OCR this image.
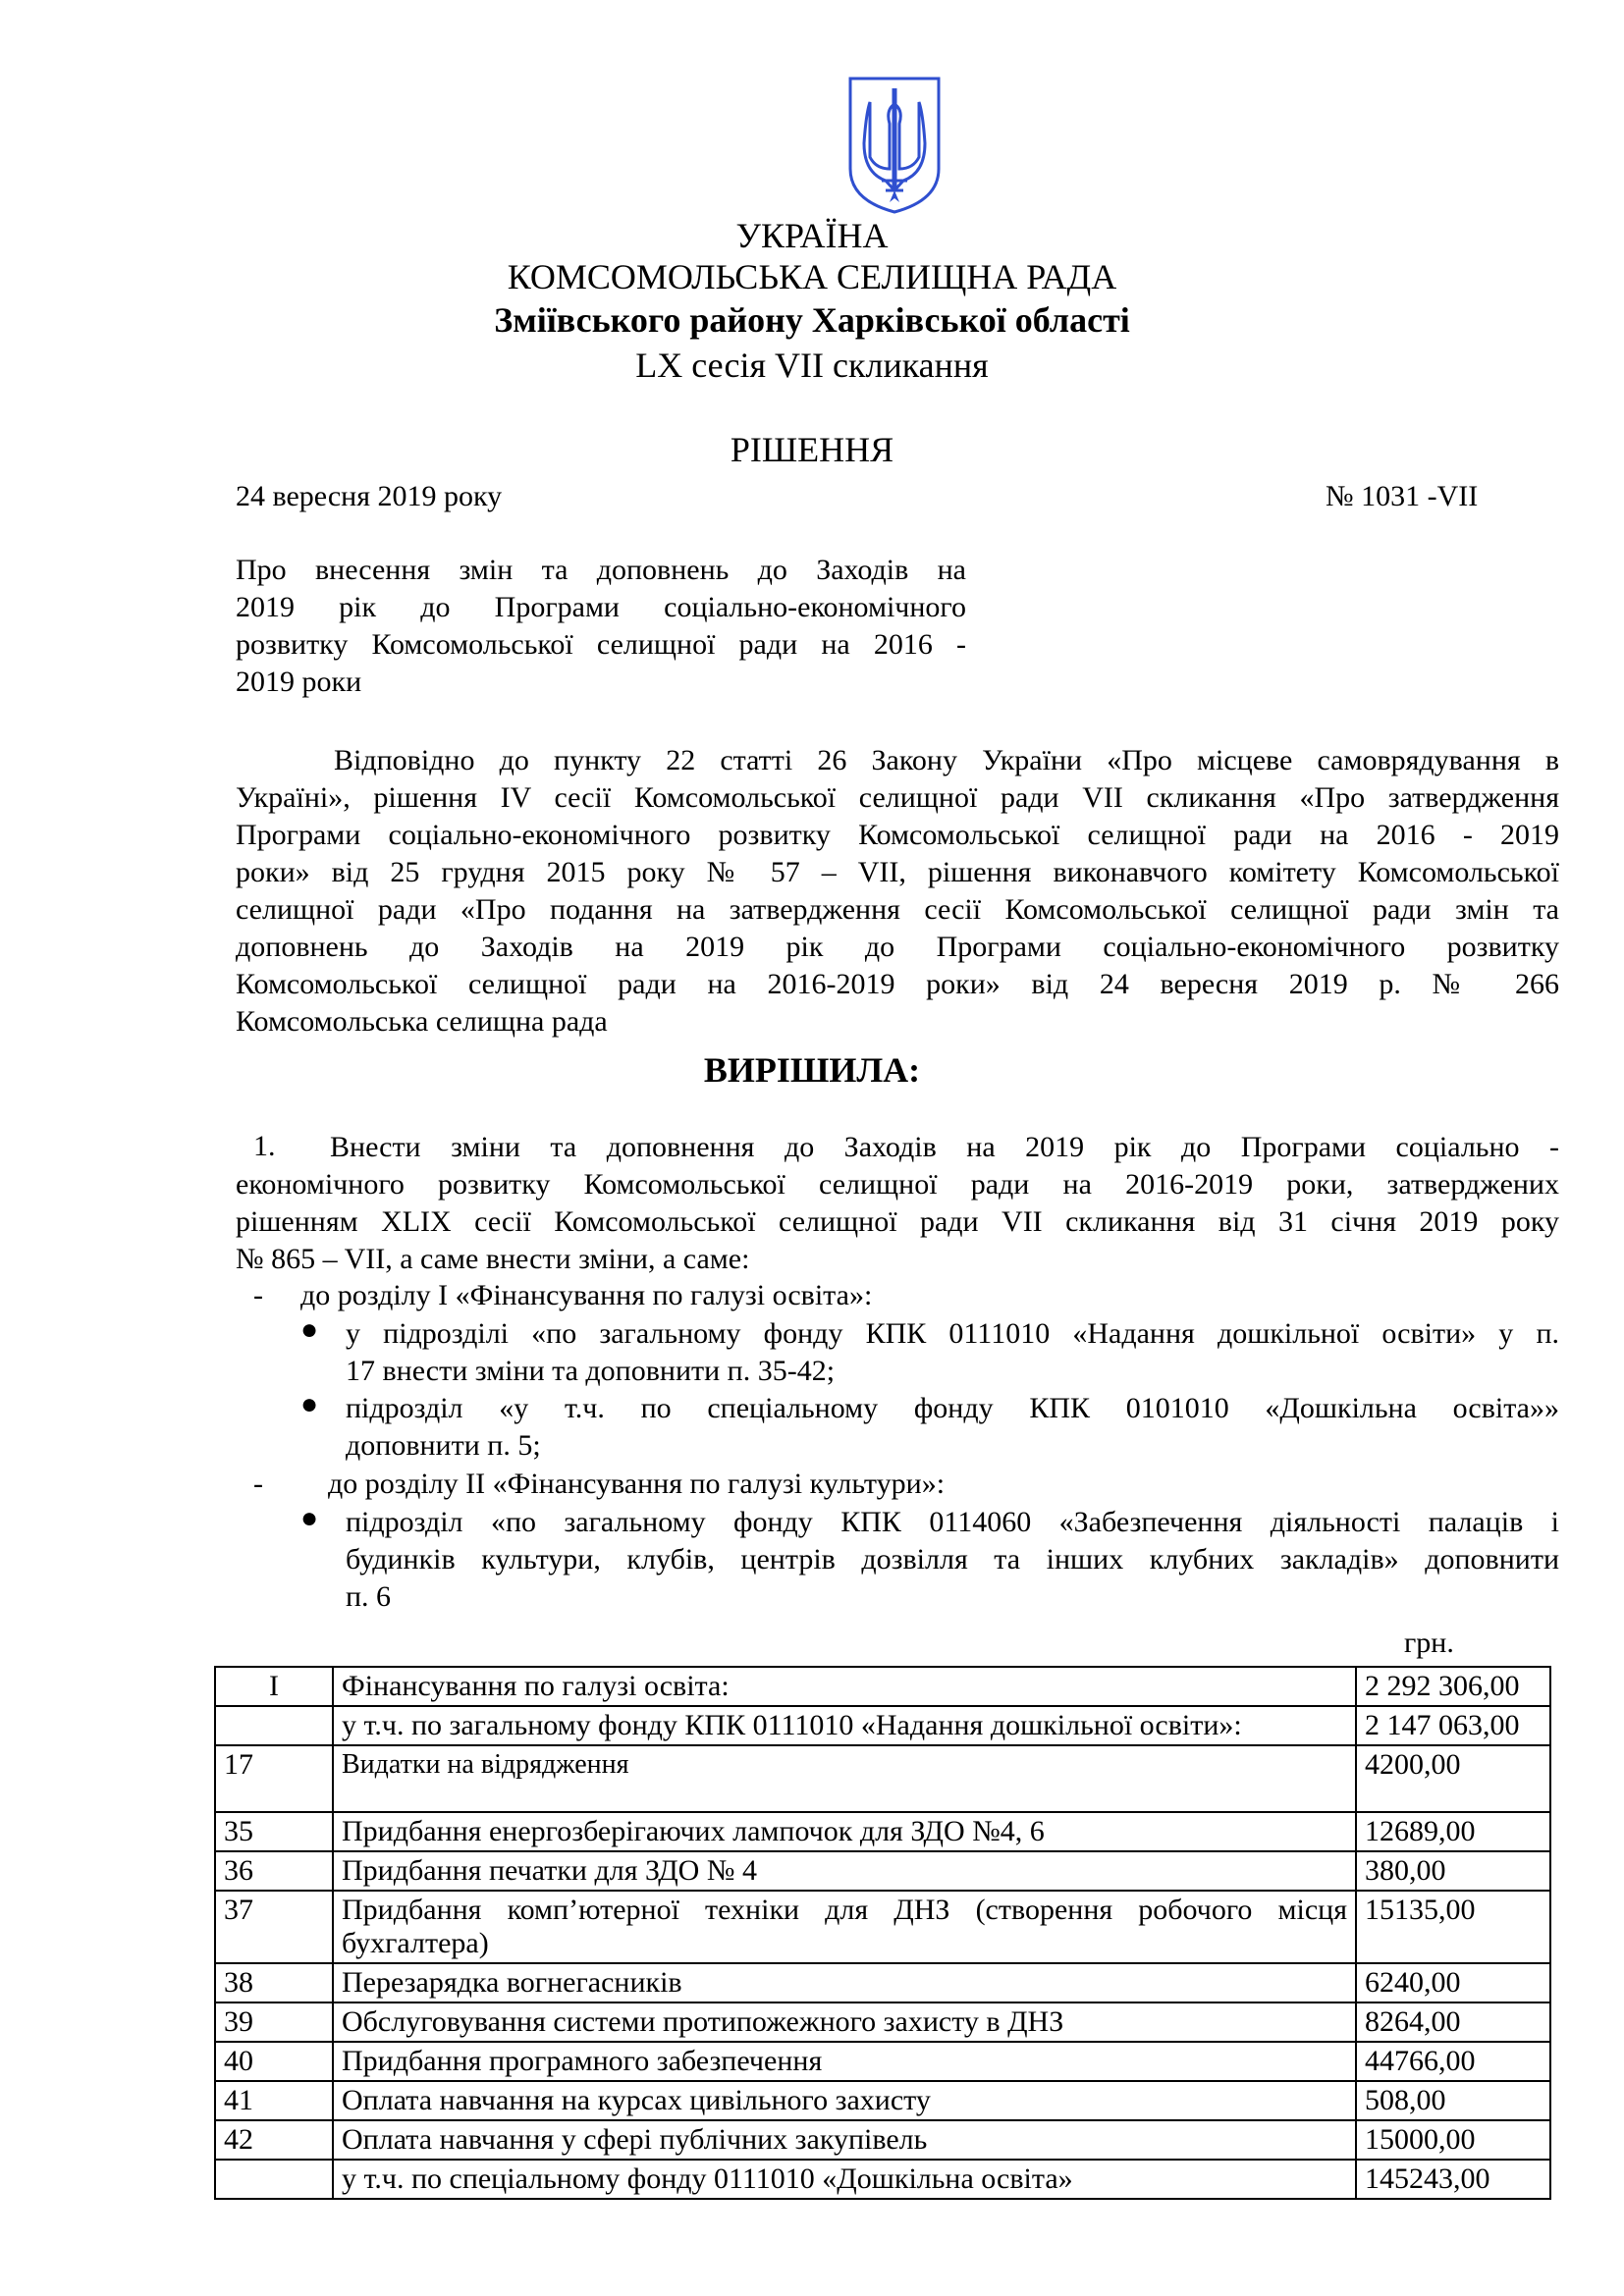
УКРАЇНА
КОМСОМОЛЬСЬКА СЕЛИЩНА РАДА
Зміївського району Харківської області
LX сесія VII скликання
РІШЕННЯ
24 вересня 2019 року	№ 1031 -VII
Про внесення змін та доповнень до Заходів на
2019 рік до Програми соціально-економічного
розвитку Комсомольської селищної ради на 2016 -
2019 роки
Відповідно до пункту 22 статті 26 Закону України «Про місцеве самоврядування в
Україні», рішення IV сесії Комсомольської селищної ради VII скликання «Про затвердження
Програми соціально-економічного розвитку Комсомольської селищної ради на 2016 - 2019
роки» від 25 грудня 2015 року № 57 – VII, рішення виконавчого комітету Комсомольської
селищної ради «Про подання на затвердження сесії Комсомольської селищної ради змін та
доповнень до Заходів на 2019 рік до Програми соціально-економічного розвитку
Комсомольської селищної ради на 2016-2019 роки» від 24 вересня 2019 р. № 266
Комсомольська селищна рада
ВИРІШИЛА:
1. Внести зміни та доповнення до Заходів на 2019 рік до Програми соціально -
економічного розвитку Комсомольської селищної ради на 2016-2019 роки, затверджених
рішенням XLIX сесії Комсомольської селищної ради VII скликання від 31 січня 2019 року
№ 865 – VII, а саме внести зміни, а саме:
- до розділу І «Фінансування по галузі освіта»:
● у підрозділі «по загальному фонду КПК 0111010 «Надання дошкільної освіти» у п.
17 внести зміни та доповнити п. 35-42;
● підрозділ «у т.ч. по спеціальному фонду КПК 0101010 «Дошкільна освіта»»
доповнити п. 5;
- до розділу ІІ «Фінансування по галузі культури»:
● підрозділ «по загальному фонду КПК 0114060 «Забезпечення діяльності палаців і
будинків культури, клубів, центрів дозвілля та інших клубних закладів» доповнити
п. 6
грн.
І	Фінансування по галузі освіта:	2 292 306,00
	у т.ч. по загальному фонду КПК 0111010 «Надання дошкільної освіти»:	2 147 063,00
17	Видатки на відрядження	4200,00
35	Придбання енергозберігаючих лампочок для ЗДО №4, 6	12689,00
36	Придбання печатки для ЗДО № 4	380,00
37	Придбання комп’ютерної техніки для ДНЗ (створення робочого місця бухгалтера)	15135,00
38	Перезарядка вогнегасників	6240,00
39	Обслуговування системи протипожежного захисту в ДНЗ	8264,00
40	Придбання програмного забезпечення	44766,00
41	Оплата навчання на курсах цивільного захисту	508,00
42	Оплата навчання у сфері публічних закупівель	15000,00
	у т.ч. по спеціальному фонду 0111010 «Дошкільна освіта»	145243,00
